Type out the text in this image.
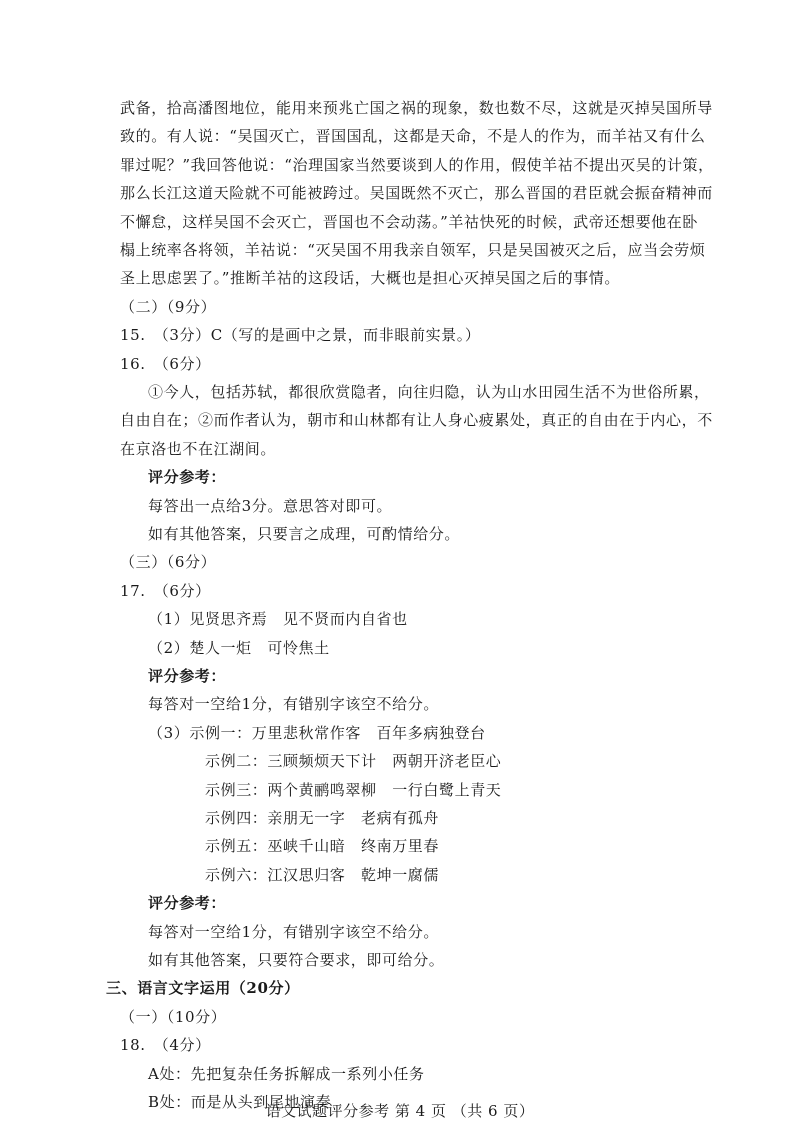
武备，拾高潘图地位，能用来预兆亡国之祸的现象，数也数不尽，这就是灭掉吴国所导
致的。有人说：“吴国灭亡，晋国国乱，这都是天命，不是人的作为，而羊祜又有什么
罪过呢？”我回答他说：“治理国家当然要谈到人的作用，假使羊祜不提出灭吴的计策，
那么长江这道天险就不可能被跨过。吴国既然不灭亡，那么晋国的君臣就会振奋精神而
不懈怠，这样吴国不会灭亡，晋国也不会动荡。”羊祜快死的时候，武帝还想要他在卧
榻上统率各将领，羊祜说：“灭吴国不用我亲自领军，只是吴国被灭之后，应当会劳烦
圣上思虑罢了。”推断羊祜的这段话，大概也是担心灭掉吴国之后的事情。
（二）（9分）
15.　（3分）C（写的是画中之景，而非眼前实景。）
16.　（6分）
①今人，包括苏轼，都很欣赏隐者，向往归隐，认为山水田园生活不为世俗所累，
自由自在；②而作者认为，朝市和山林都有让人身心疲累处，真正的自由在于内心，不
在京洛也不在江湖间。
评分参考：
每答出一点给3分。意思答对即可。
如有其他答案，只要言之成理，可酌情给分。
（三）（6分）
17.　（6分）
（1）见贤思齐焉　见不贤而内自省也
（2）楚人一炬　可怜焦土
评分参考：
每答对一空给1分，有错别字该空不给分。
（3）示例一：万里悲秋常作客　百年多病独登台
示例二：三顾频烦天下计　两朝开济老臣心
示例三：两个黄鹂鸣翠柳　一行白鹭上青天
示例四：亲朋无一字　老病有孤舟
示例五：巫峡千山暗　终南万里春
示例六：江汉思归客　乾坤一腐儒
评分参考：
每答对一空给1分，有错别字该空不给分。
如有其他答案，只要符合要求，即可给分。
三、语言文字运用（20分）
（一）（10分）
18.　（4分）
A处：先把复杂任务拆解成一系列小任务
B处：而是从头到尾地演奏
语文试题评分参考 第 4 页 （共 6 页）
